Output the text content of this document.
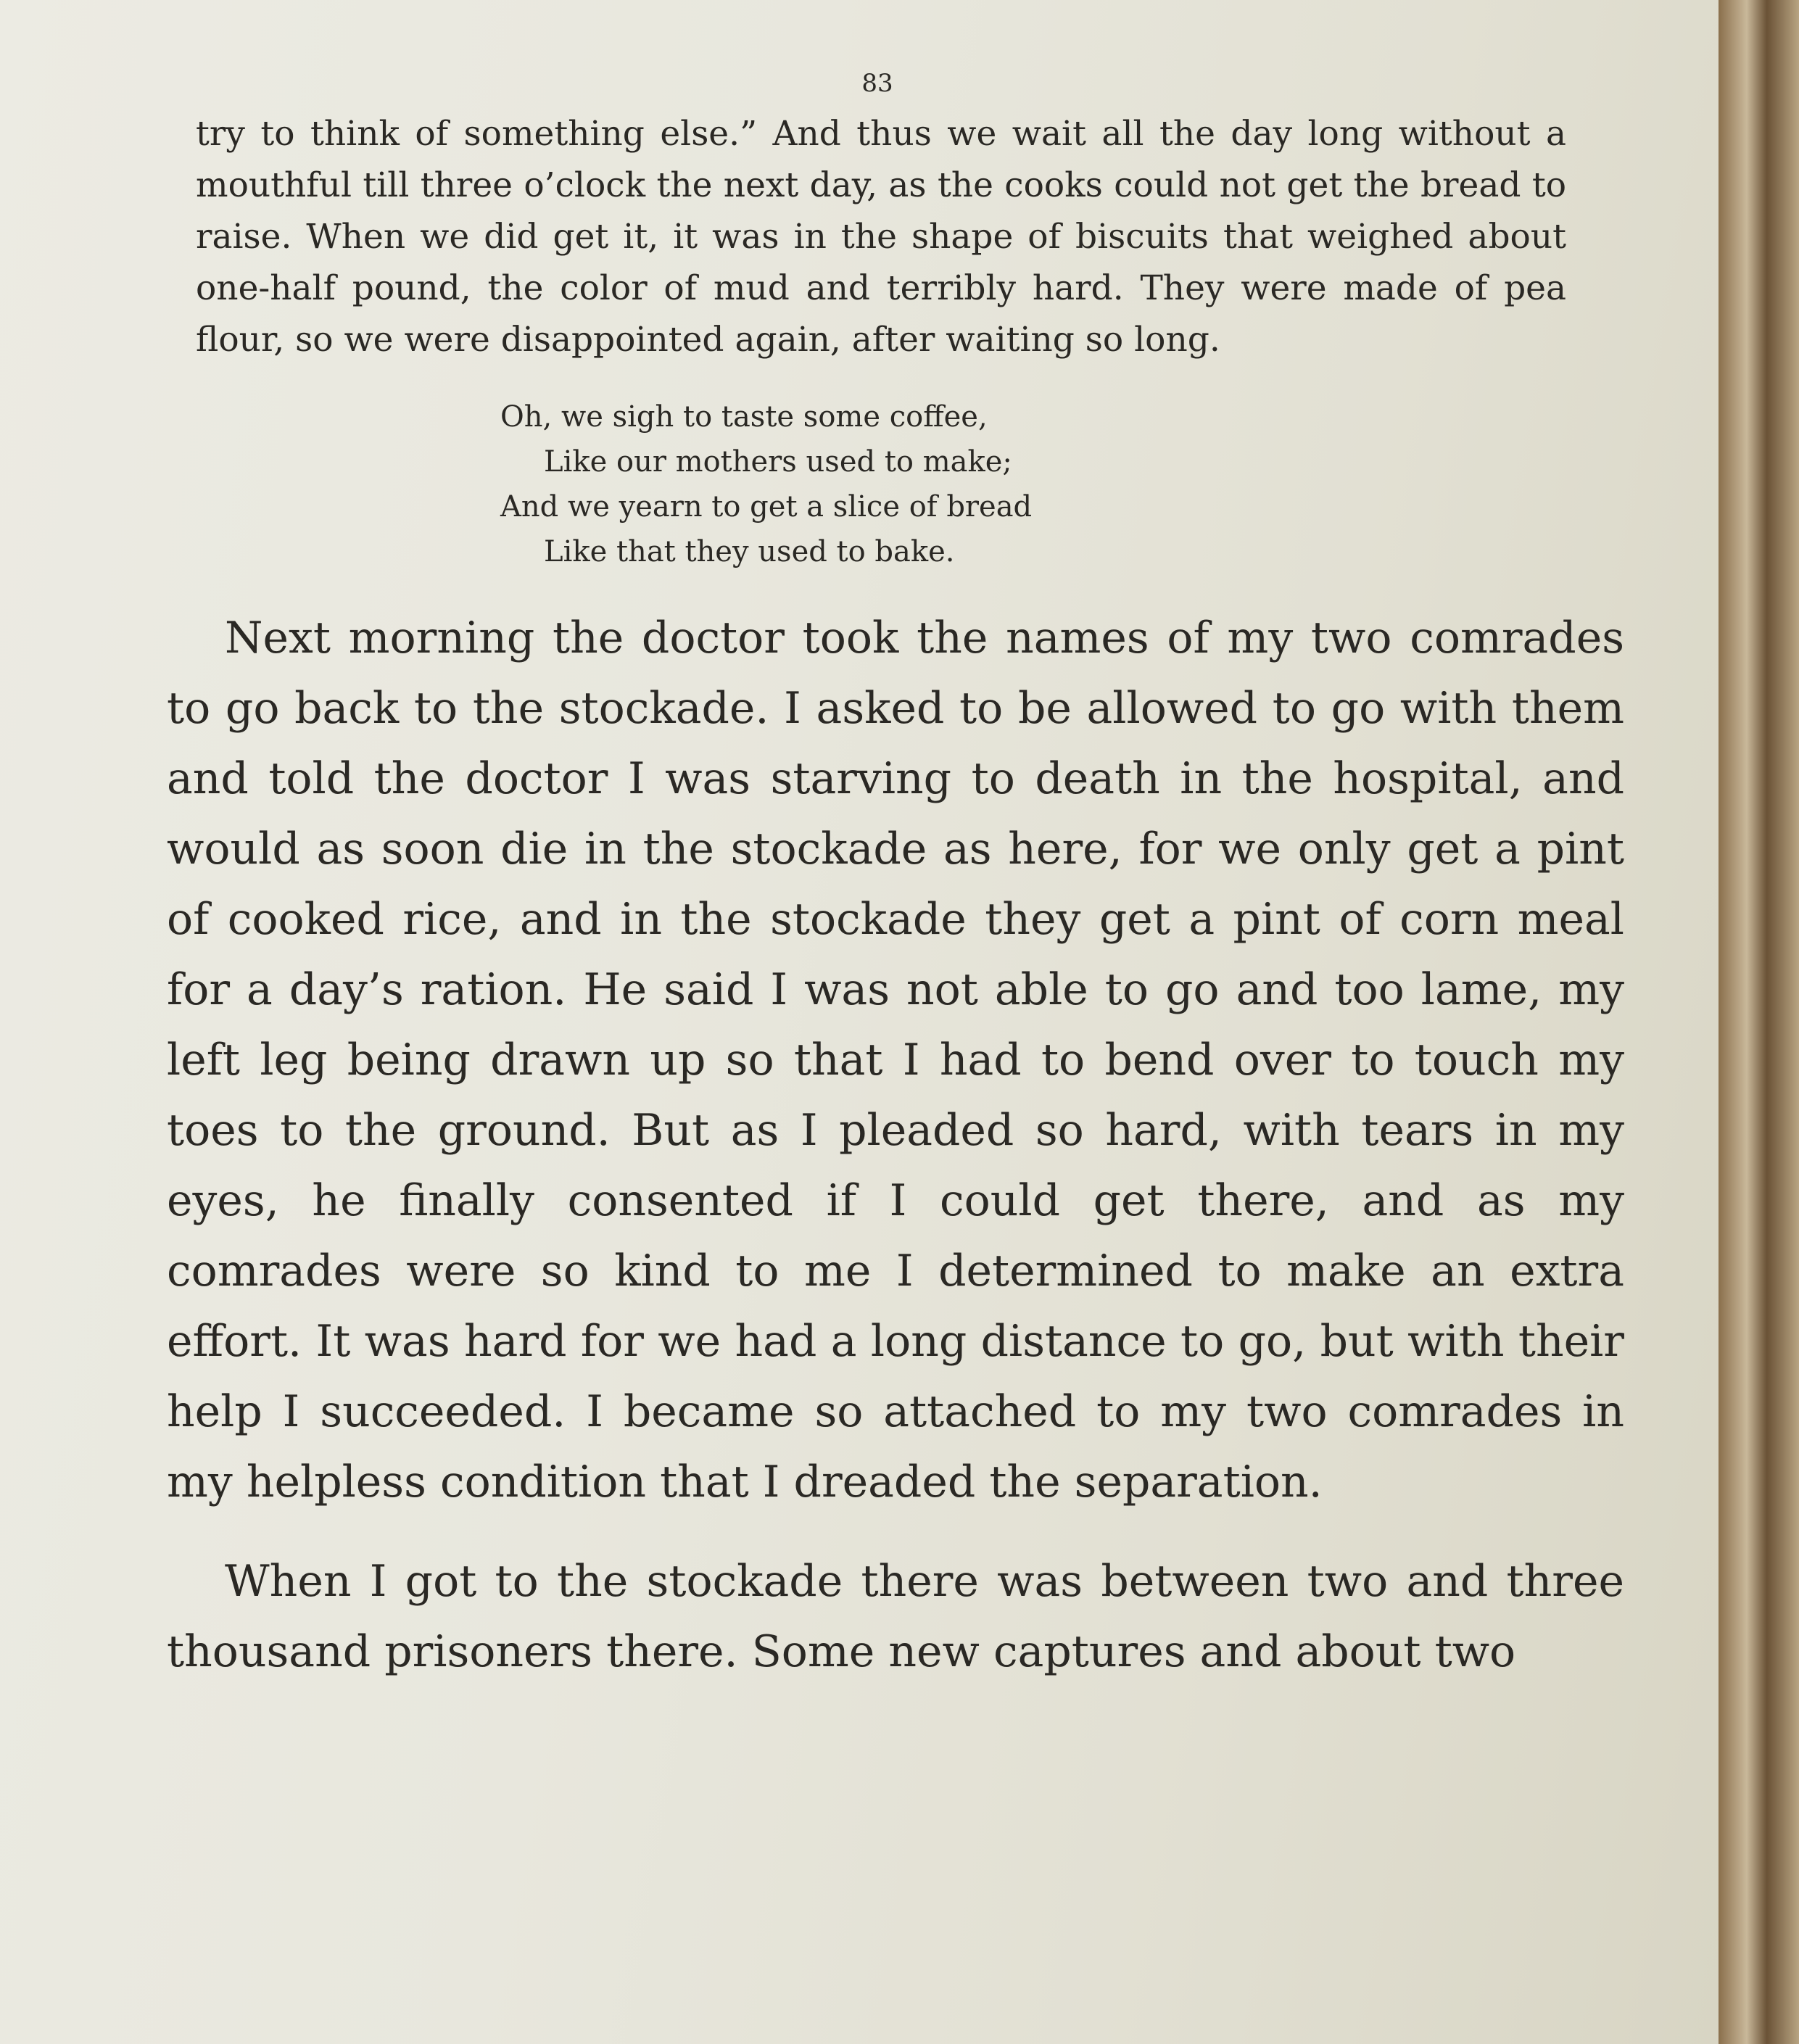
83

try to think of something else.” And thus we wait all the day long without a mouthful till three o’clock the next day, as the cooks could not get the bread to raise. When we did get it, it was in the shape of biscuits that weighed about one-half pound, the color of mud and terribly hard. They were made of pea flour, so we were disappointed again, after waiting so long.

Oh, we sigh to taste some coffee,
Like our mothers used to make;
And we yearn to get a slice of bread
Like that they used to bake.

Next morning the doctor took the names of my two comrades to go back to the stockade. I asked to be allowed to go with them and told the doctor I was starving to death in the hospital, and would as soon die in the stockade as here, for we only get a pint of cooked rice, and in the stockade they get a pint of corn meal for a day’s ration. He said I was not able to go and too lame, my left leg being drawn up so that I had to bend over to touch my toes to the ground. But as I pleaded so hard, with tears in my eyes, he finally consented if I could get there, and as my comrades were so kind to me I determined to make an extra effort. It was hard for we had a long distance to go, but with their help I succeeded. I became so attached to my two comrades in my helpless condition that I dreaded the separation.

When I got to the stockade there was between two and three thousand prisoners there. Some new captures and about two
